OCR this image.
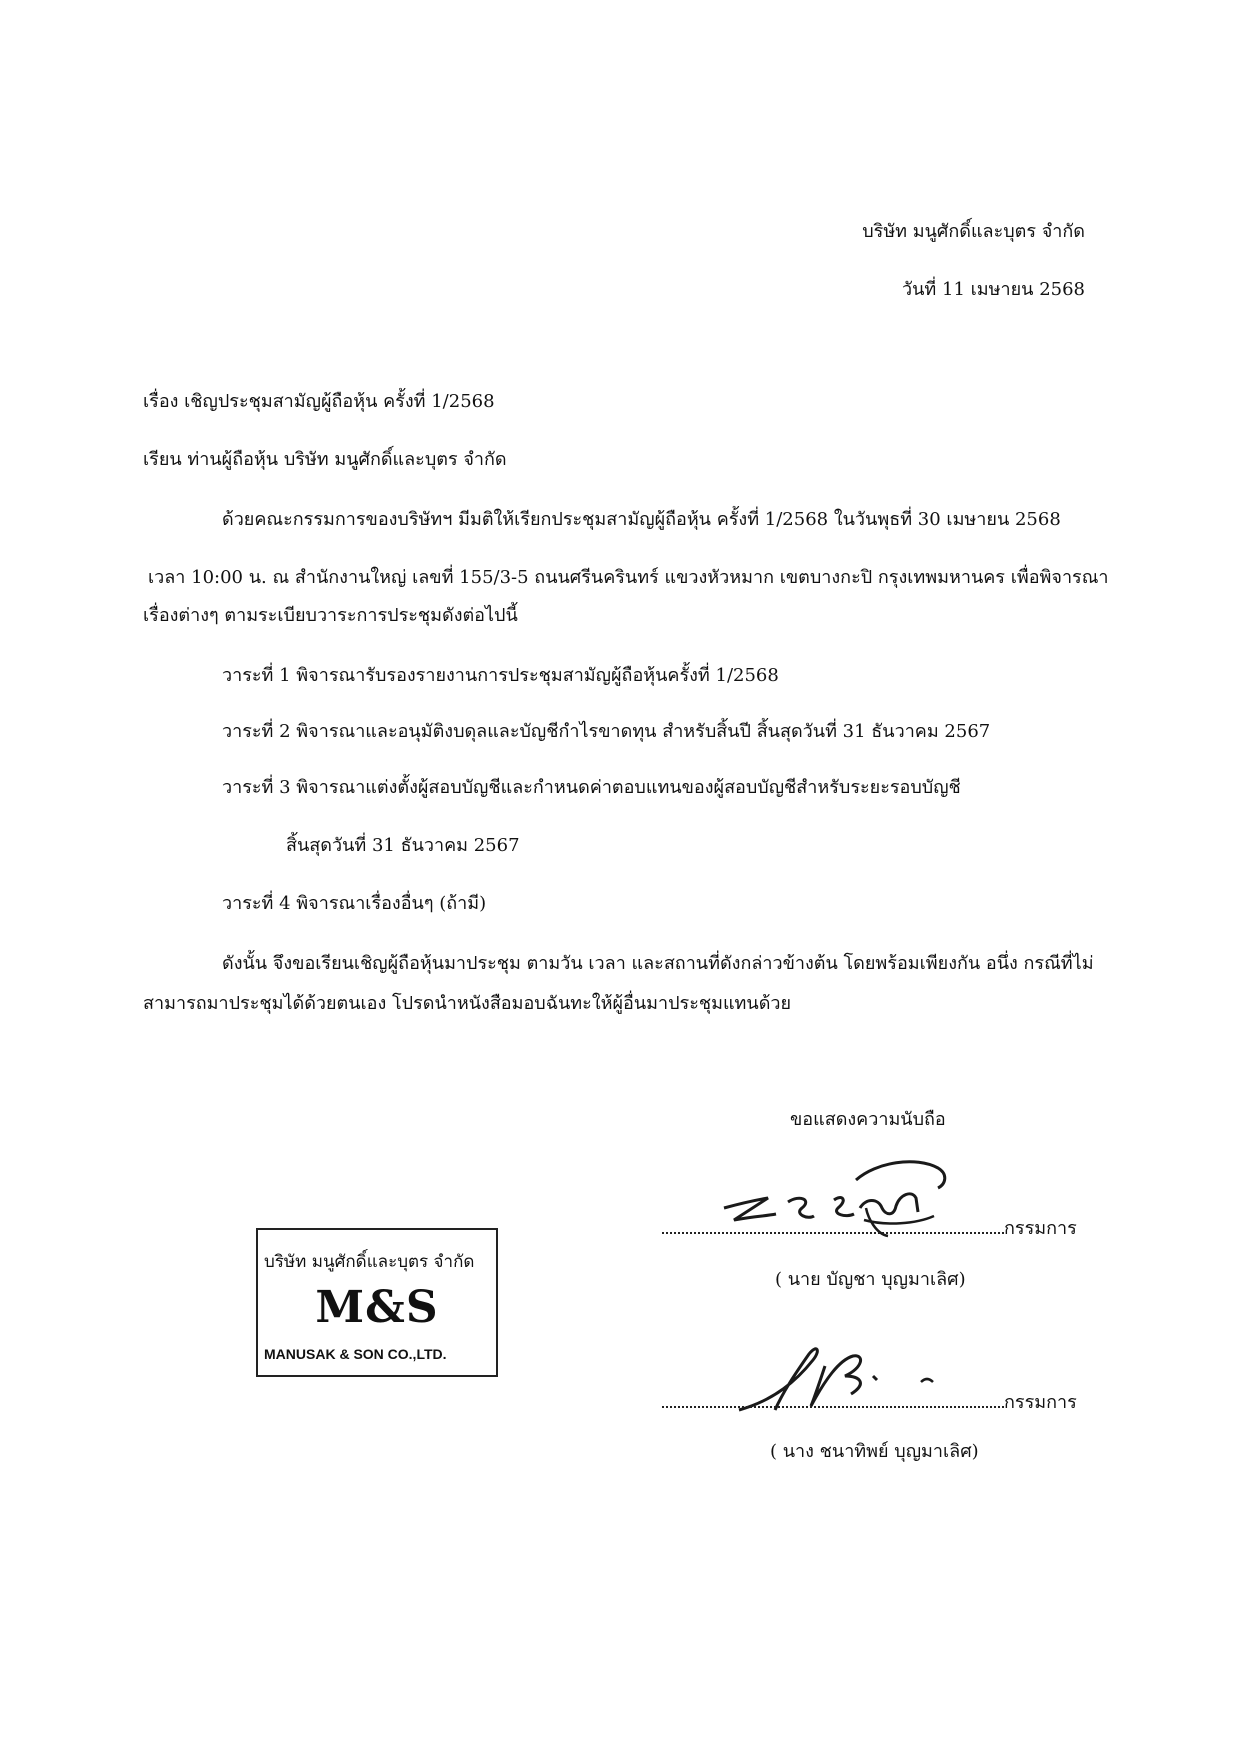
บริษัท มนูศักดิ์และบุตร จำกัด
วันที่ 11 เมษายน 2568
เรื่อง เชิญประชุมสามัญผู้ถือหุ้น ครั้งที่ 1/2568
เรียน ท่านผู้ถือหุ้น บริษัท มนูศักดิ์และบุตร จำกัด
ด้วยคณะกรรมการของบริษัทฯ มีมติให้เรียกประชุมสามัญผู้ถือหุ้น ครั้งที่ 1/2568 ในวันพุธที่ 30 เมษายน 2568
เวลา 10:00 น. ณ สำนักงานใหญ่ เลขที่ 155/3-5 ถนนศรีนครินทร์ แขวงหัวหมาก เขตบางกะปิ กรุงเทพมหานคร เพื่อพิจารณา
เรื่องต่างๆ ตามระเบียบวาระการประชุมดังต่อไปนี้
วาระที่ 1 พิจารณารับรองรายงานการประชุมสามัญผู้ถือหุ้นครั้งที่ 1/2568
วาระที่ 2 พิจารณาและอนุมัติงบดุลและบัญชีกำไรขาดทุน สำหรับสิ้นปี สิ้นสุดวันที่ 31 ธันวาคม 2567
วาระที่ 3 พิจารณาแต่งตั้งผู้สอบบัญชีและกำหนดค่าตอบแทนของผู้สอบบัญชีสำหรับระยะรอบบัญชี
สิ้นสุดวันที่ 31 ธันวาคม 2567
วาระที่ 4 พิจารณาเรื่องอื่นๆ (ถ้ามี)
ดังนั้น จึงขอเรียนเชิญผู้ถือหุ้นมาประชุม ตามวัน เวลา และสถานที่ดังกล่าวข้างต้น โดยพร้อมเพียงกัน อนึ่ง กรณีที่ไม่
สามารถมาประชุมได้ด้วยตนเอง โปรดนำหนังสือมอบฉันทะให้ผู้อื่นมาประชุมแทนด้วย
ขอแสดงความนับถือ
กรรมการ
( นาย บัญชา บุญมาเลิศ)
กรรมการ
( นาง ชนาทิพย์ บุญมาเลิศ)
บริษัท มนูศักดิ์และบุตร จำกัด
M&S
MANUSAK & SON CO.,LTD.
